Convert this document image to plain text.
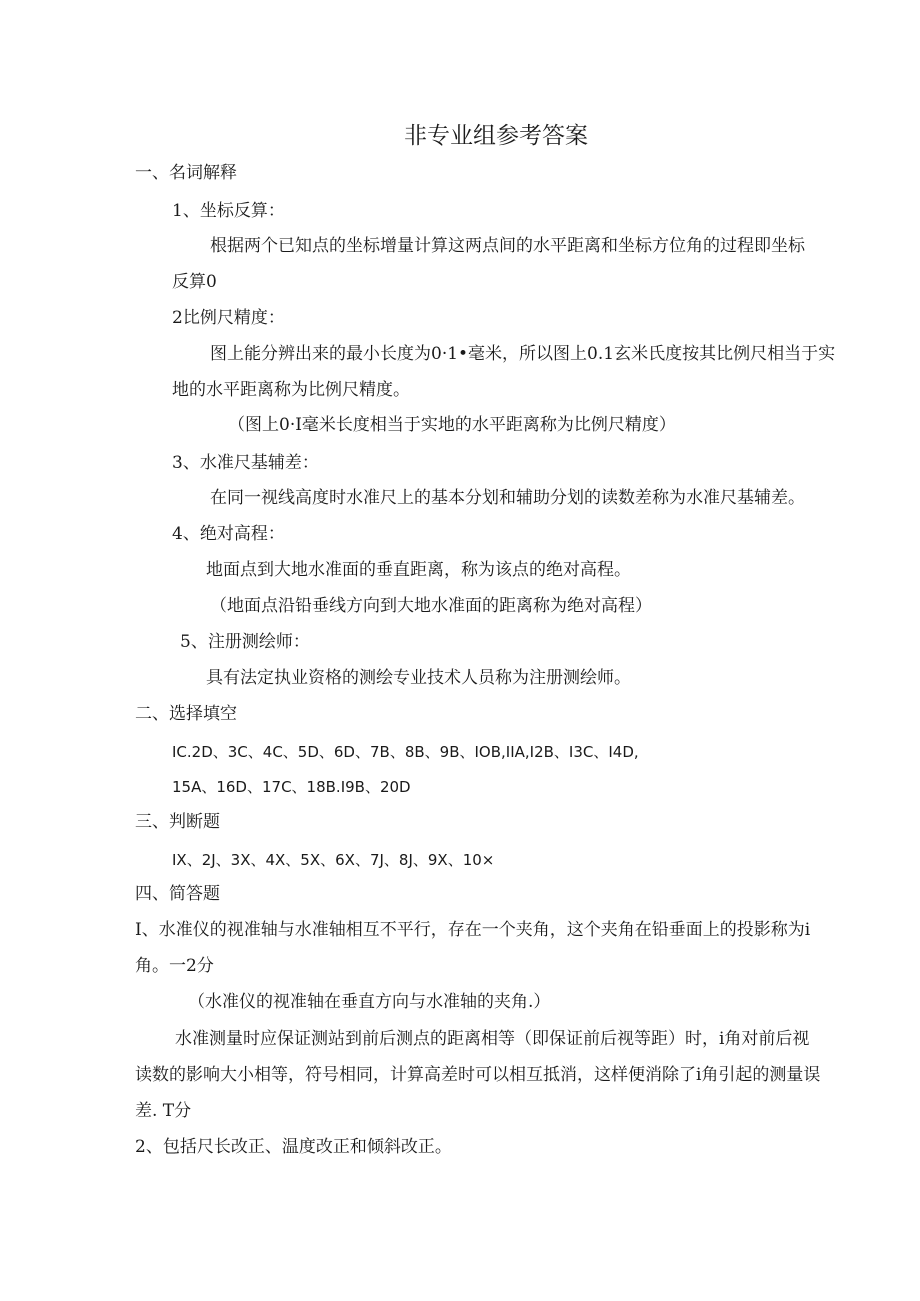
非专业组参考答案
一、名词解释
1、坐标反算：
根据两个已知点的坐标增量计算这两点间的水平距离和坐标方位角的过程即坐标
反算0
2比例尺精度：
图上能分辨出来的最小长度为0·1•毫米，所以图上0.1玄米氏度按其比例尺相当于实
地的水平距离称为比例尺精度。
（图上0·I毫米长度相当于实地的水平距离称为比例尺精度）
3、水准尺基辅差：
在同一视线高度时水准尺上的基本分划和辅助分划的读数差称为水准尺基辅差。
4、绝对高程：
地面点到大地水准面的垂直距离，称为该点的绝对高程。
（地面点沿铅垂线方向到大地水准面的距离称为绝对高程）
5、注册测绘师：
具有法定执业资格的测绘专业技术人员称为注册测绘师。
二、选择填空
IC.2D、3C、4C、5D、6D、7B、8B、9B、IOB,IIA,I2B、I3C、I4D,
15A、16D、17C、18B.I9B、20D
三、判断题
IX、2J、3X、4X、5X、6X、7J、8J、9X、10×
四、简答题
I、水准仪的视准轴与水准轴相互不平行，存在一个夹角，这个夹角在铅垂面上的投影称为i
角。一2分
（水准仪的视准轴在垂直方向与水准轴的夹角.）
水准测量时应保证测站到前后测点的距离相等（即保证前后视等距）时，i角对前后视
读数的影响大小相等，符号相同，计算高差时可以相互抵消，这样便消除了i角引起的测量误
差. T分
2、包括尺长改正、温度改正和倾斜改正。
